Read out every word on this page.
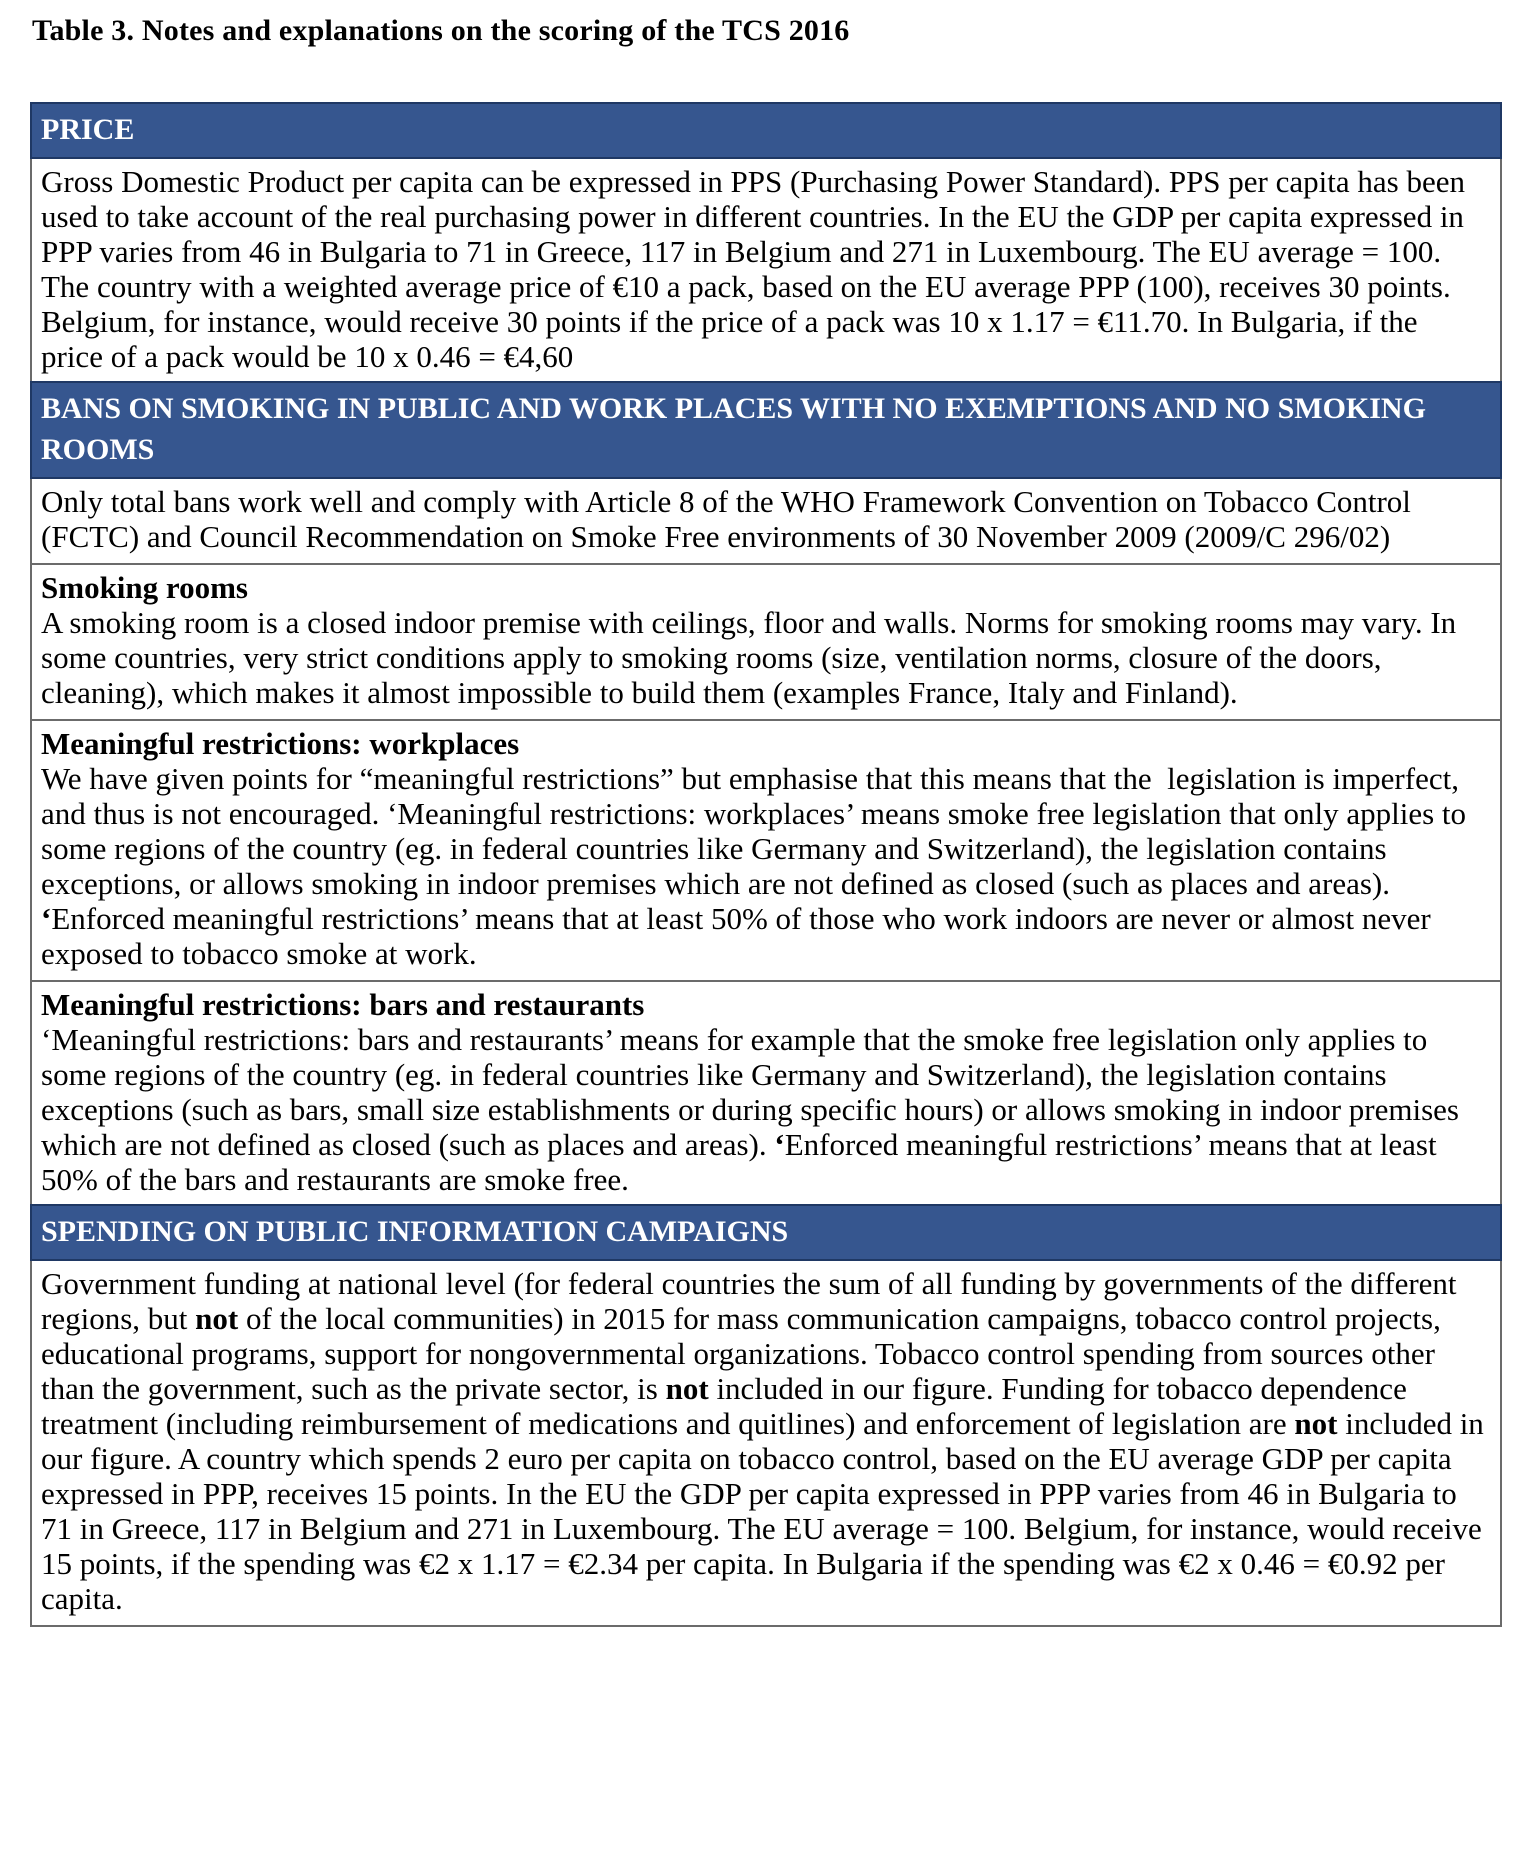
Table 3. Notes and explanations on the scoring of the TCS 2016
PRICE

Gross Domestic Product per capita can be expressed in PPS (Purchasing Power Standard). PPS per capita has been used to take account of the real purchasing power in different countries. In the EU the GDP per capita expressed in PPP varies from 46 in Bulgaria to 71 in Greece, 117 in Belgium and 271 in Luxembourg. The EU average = 100. The country with a weighted average price of €10 a pack, based on the EU average PPP (100), receives 30 points. Belgium, for instance, would receive 30 points if the price of a pack was 10 x 1.17 = €11.70. In Bulgaria, if the price of a pack would be 10 x 0.46 = €4,60

BANS ON SMOKING IN PUBLIC AND WORK PLACES WITH NO EXEMPTIONS AND NO SMOKING ROOMS

Only total bans work well and comply with Article 8 of the WHO Framework Convention on Tobacco Control (FCTC) and Council Recommendation on Smoke Free environments of 30 November 2009 (2009/C 296/02)

Smoking rooms

A smoking room is a closed indoor premise with ceilings, floor and walls. Norms for smoking rooms may vary. In some countries, very strict conditions apply to smoking rooms (size, ventilation norms, closure of the doors, cleaning), which makes it almost impossible to build them (examples France, Italy and Finland).

Meaningful restrictions: workplaces

We have given points for “meaningful restrictions” but emphasise that this means that the  legislation is imperfect, and thus is not encouraged. ‘Meaningful restrictions: workplaces’ means smoke free legislation that only applies to some regions of the country (eg. in federal countries like Germany and Switzerland), the legislation contains exceptions, or allows smoking in indoor premises which are not defined as closed (such as places and areas). ‘Enforced meaningful restrictions’ means that at least 50% of those who work indoors are never or almost never exposed to tobacco smoke at work.

Meaningful restrictions: bars and restaurants

‘Meaningful restrictions: bars and restaurants’ means for example that the smoke free legislation only applies to some regions of the country (eg. in federal countries like Germany and Switzerland), the legislation contains exceptions (such as bars, small size establishments or during specific hours) or allows smoking in indoor premises which are not defined as closed (such as places and areas). ‘Enforced meaningful restrictions’ means that at least 50% of the bars and restaurants are smoke free.

SPENDING ON PUBLIC INFORMATION CAMPAIGNS

Government funding at national level (for federal countries the sum of all funding by governments of the different regions, but not of the local communities) in 2015 for mass communication campaigns, tobacco control projects, educational programs, support for nongovernmental organizations. Tobacco control spending from sources other than the government, such as the private sector, is not included in our figure. Funding for tobacco dependence treatment (including reimbursement of medications and quitlines) and enforcement of legislation are not included in our figure. A country which spends 2 euro per capita on tobacco control, based on the EU average GDP per capita expressed in PPP, receives 15 points. In the EU the GDP per capita expressed in PPP varies from 46 in Bulgaria to 71 in Greece, 117 in Belgium and 271 in Luxembourg. The EU average = 100. Belgium, for instance, would receive 15 points, if the spending was €2 x 1.17 = €2.34 per capita. In Bulgaria if the spending was €2 x 0.46 = €0.92 per capita.
